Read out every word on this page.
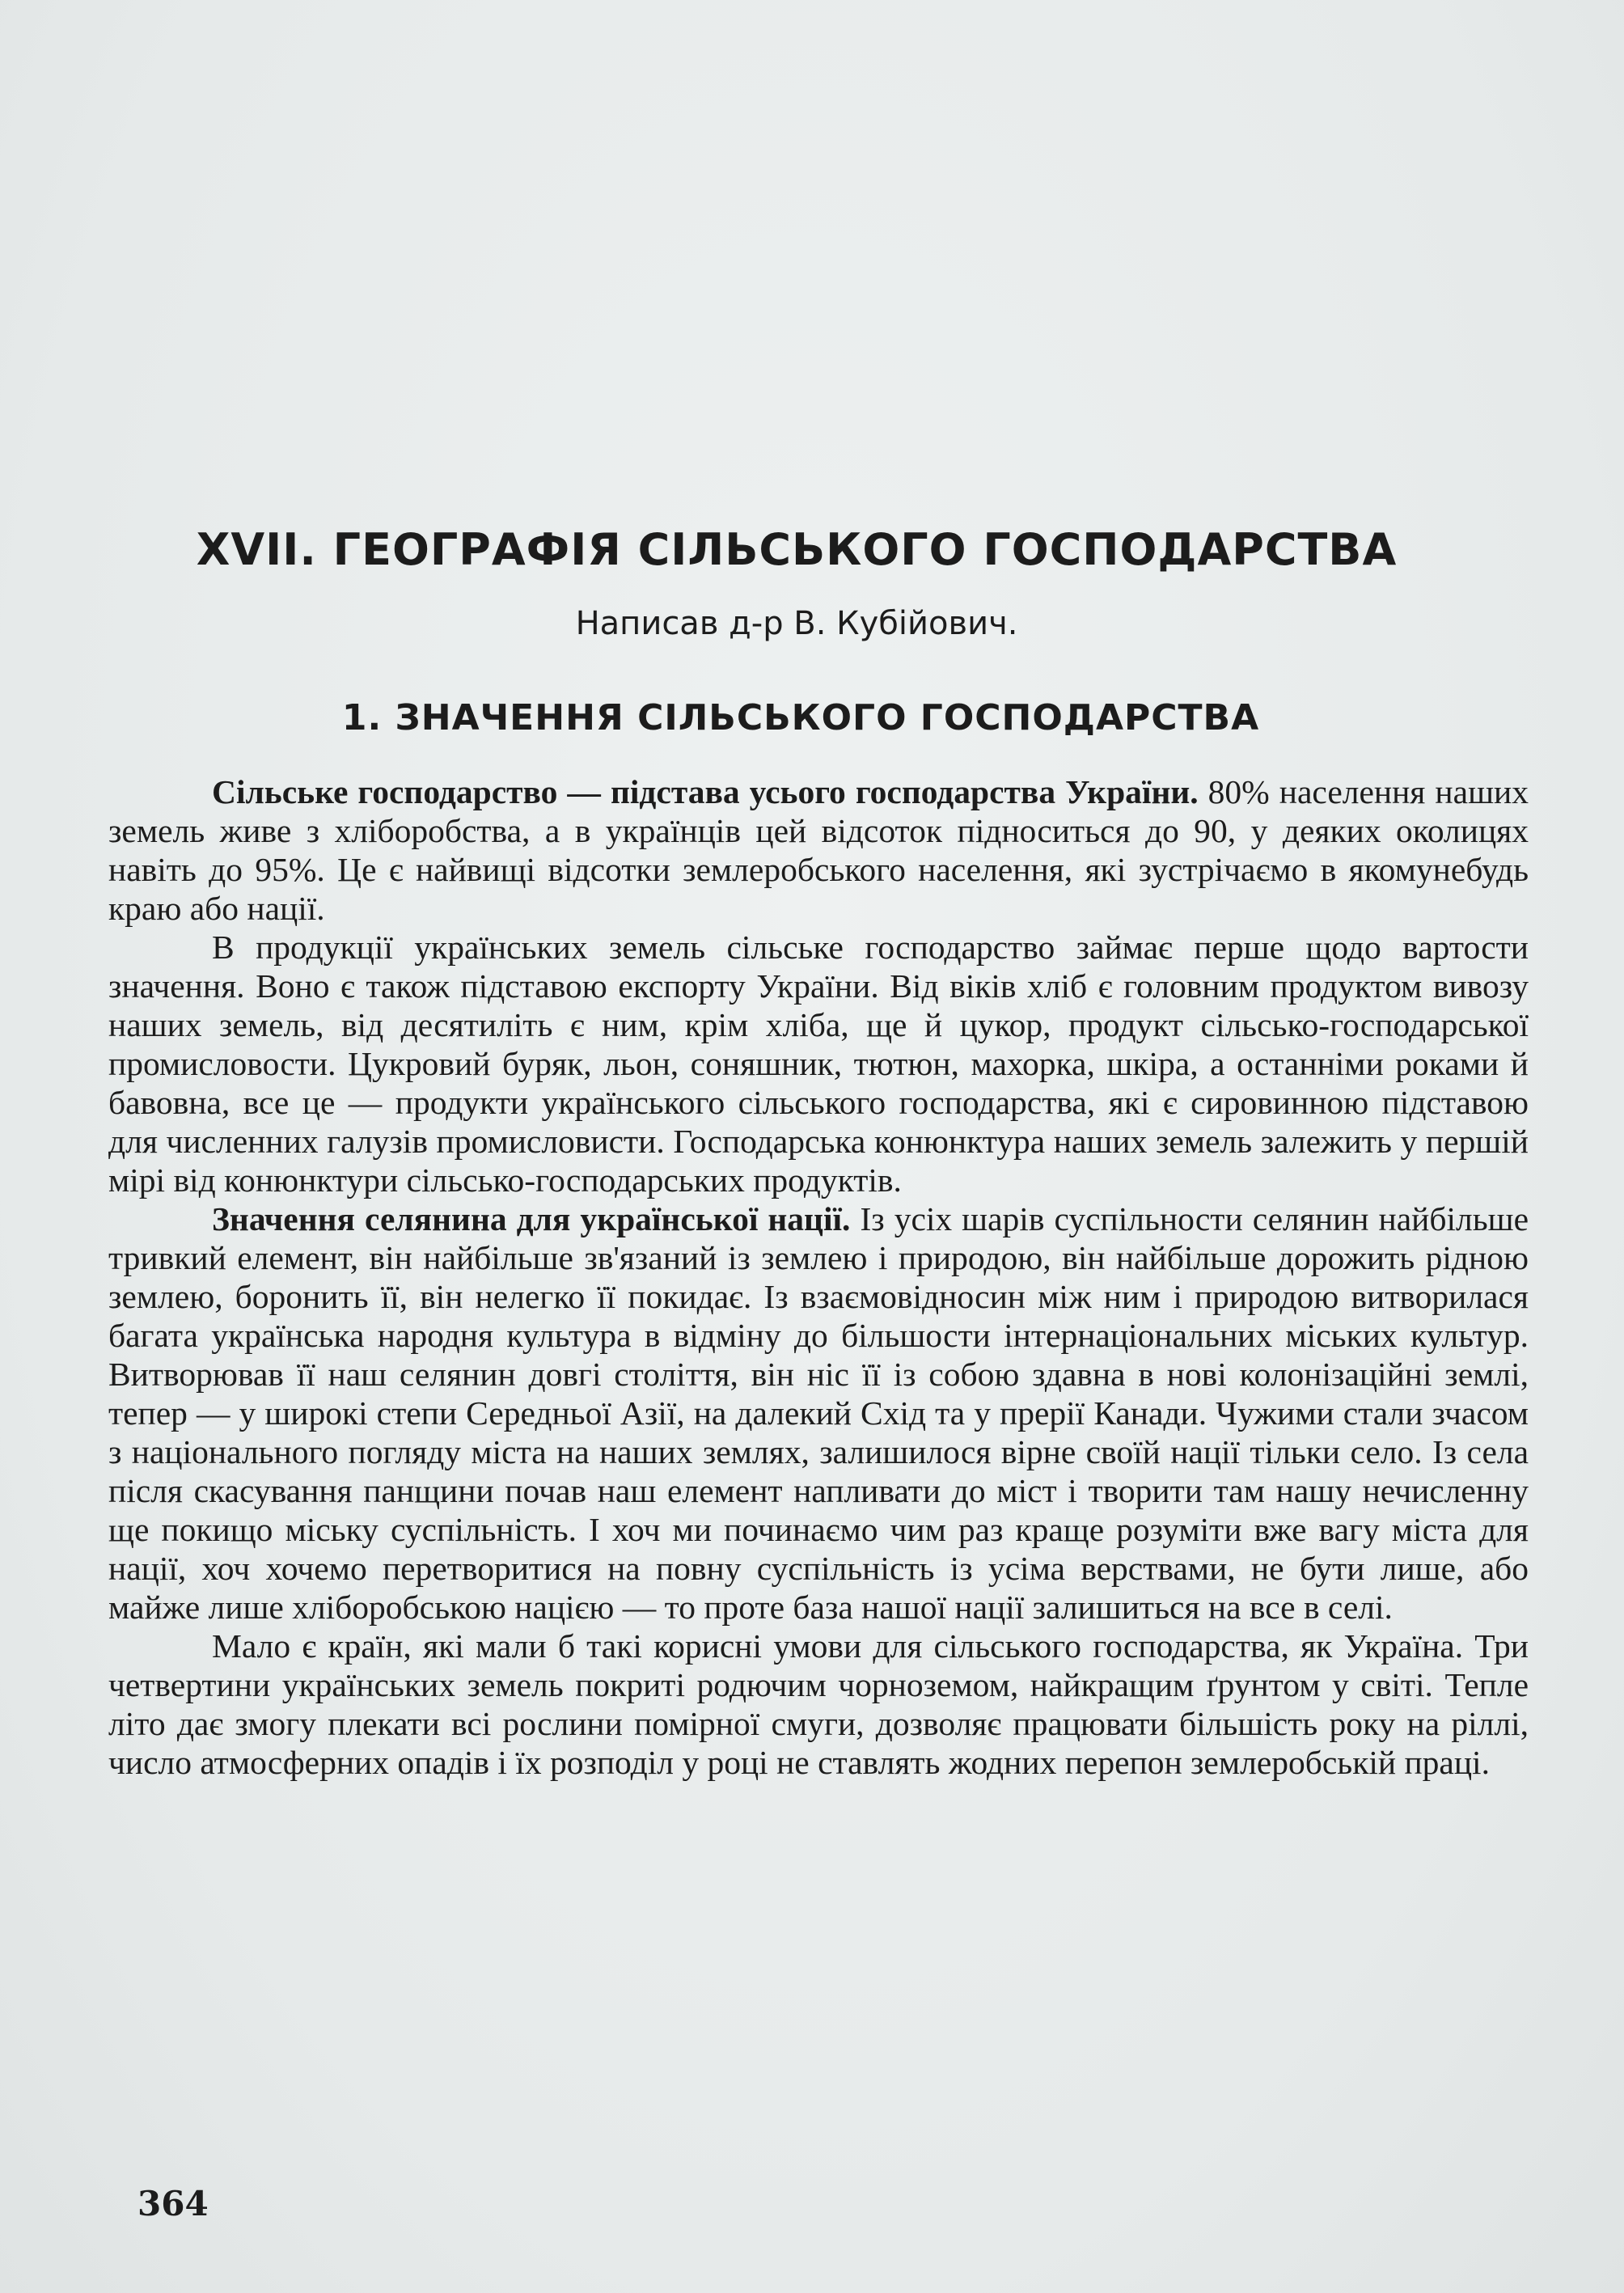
XVII. ГЕОГРАФІЯ СІЛЬСЬКОГО ГОСПОДАРСТВА

Написав д-р В. Кубійович.

1. ЗНАЧЕННЯ СІЛЬСЬКОГО ГОСПОДАРСТВА

Сільське господарство — підстава усього господарства України. 80% населення наших земель живе з хліборобства, а в українців цей відсоток підноситься до 90, у деяких околицях навіть до 95%. Це є найвищі відсотки землеробського населення, які зустрічаємо в якомунебудь краю або нації.

В продукції українських земель сільське господарство займає перше щодо вартости значення. Воно є також підставою експорту України. Від віків хліб є головним продуктом вивозу наших земель, від десятиліть є ним, крім хліба, ще й цукор, продукт сільсько-господарської промисловости. Цукровий буряк, льон, соняшник, тютюн, махорка, шкіра, а останніми роками й бавовна, все це — продукти українського сільського господарства, які є сировинною підставою для численних галузів промисловисти. Господарська конюнктура наших земель залежить у першій мірі від конюнктури сільсько-господарських продуктів.

Значення селянина для української нації. Із усіх шарів суспільности селянин найбільше тривкий елемент, він найбільше зв'язаний із землею і природою, він найбільше дорожить рідною землею, боронить її, він нелегко її покидає. Із взаємовідносин між ним і природою витворилася багата українська народня культура в відміну до більшости інтернаціональних міських культур. Витворював її наш селянин довгі століття, він ніс її із собою здавна в нові колонізаційні землі, тепер — у широкі степи Середньої Азії, на далекий Схід та у прерії Канади. Чужими стали зчасом з національного погляду міста на наших землях, залишилося вірне своїй нації тільки село. Із села після скасування панщини почав наш елемент напливати до міст і творити там нашу нечисленну ще покищо міську суспільність. І хоч ми починаємо чим раз краще розуміти вже вагу міста для нації, хоч хочемо перетворитися на повну суспільність із усіма верствами, не бути лише, або майже лише хліборобською нацією — то проте база нашої нації залишиться на все в селі.

Мало є країн, які мали б такі корисні умови для сільського господарства, як Україна. Три четвертини українських земель покриті родючим чорноземом, найкращим ґрунтом у світі. Тепле літо дає змогу плекати всі рослини помірної смуги, дозволяє працювати більшість року на ріллі, число атмосферних опадів і їх розподіл у році не ставлять жодних перепон землеробській праці.

364
